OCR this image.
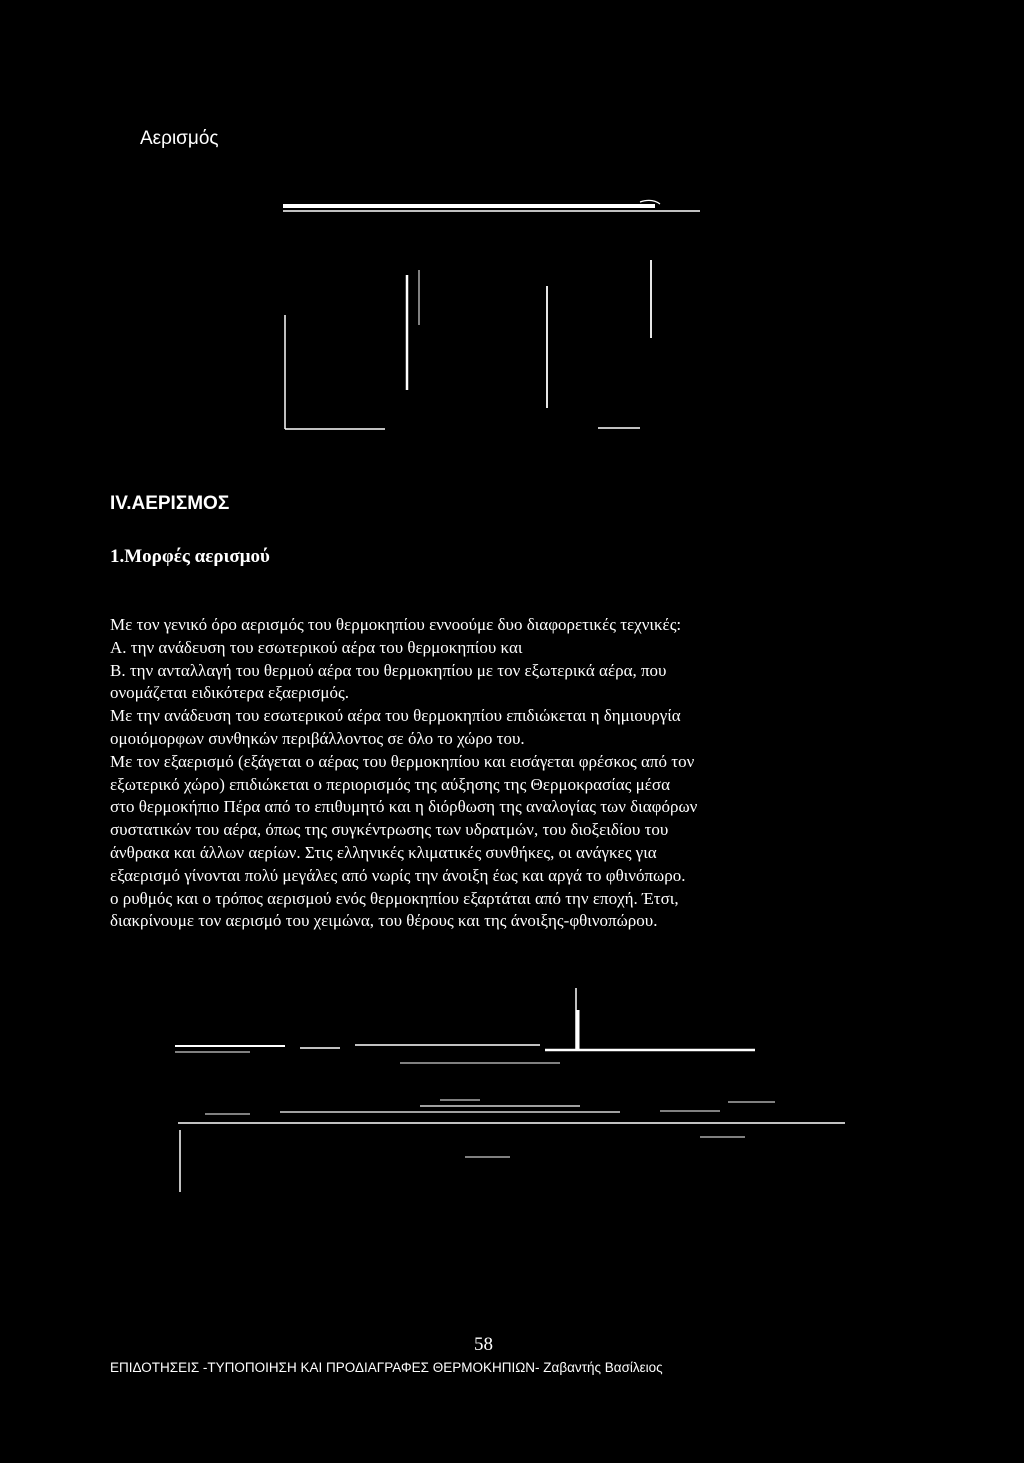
Αερισμός
IV.ΑΕΡΙΣΜΟΣ
1.Μορφές αερισμού
Με τον γενικό όρο αερισμός του θερμοκηπίου εννοούμε δυο διαφορετικές τεχνικές:
Α. την ανάδευση του εσωτερικού αέρα του θερμοκηπίου και
Β. την ανταλλαγή του θερμού αέρα του θερμοκηπίου με τον εξωτερικά αέρα, που
ονομάζεται ειδικότερα εξαερισμός.
Με την ανάδευση του εσωτερικού αέρα του θερμοκηπίου επιδιώκεται η δημιουργία
ομοιόμορφων συνθηκών περιβάλλοντος σε όλο το χώρο του.
Με τον εξαερισμό (εξάγεται ο αέρας του θερμοκηπίου και εισάγεται φρέσκος από τον
εξωτερικό χώρο) επιδιώκεται ο περιορισμός της αύξησης της Θερμοκρασίας μέσα
στο θερμοκήπιο Πέρα από το επιθυμητό και η διόρθωση της αναλογίας των διαφόρων
συστατικών του αέρα, όπως της συγκέντρωσης των υδρατμών, του διοξειδίου του
άνθρακα και άλλων αερίων. Στις ελληνικές κλιματικές συνθήκες, οι ανάγκες για
εξαερισμό γίνονται πολύ μεγάλες από νωρίς την άνοιξη έως και αργά το φθινόπωρο.
ο ρυθμός και ο τρόπος αερισμού ενός θερμοκηπίου εξαρτάται από την εποχή. Έτσι,
διακρίνουμε τον αερισμό του χειμώνα, του θέρους και της άνοιξης-φθινοπώρου.
58
ΕΠΙΔΟΤΗΣΕΙΣ -ΤΥΠΟΠΟΙΗΣΗ ΚΑΙ ΠΡΟΔΙΑΓΡΑΦΕΣ ΘΕΡΜΟΚΗΠΙΩΝ- Ζαβαντής Βασίλειος
